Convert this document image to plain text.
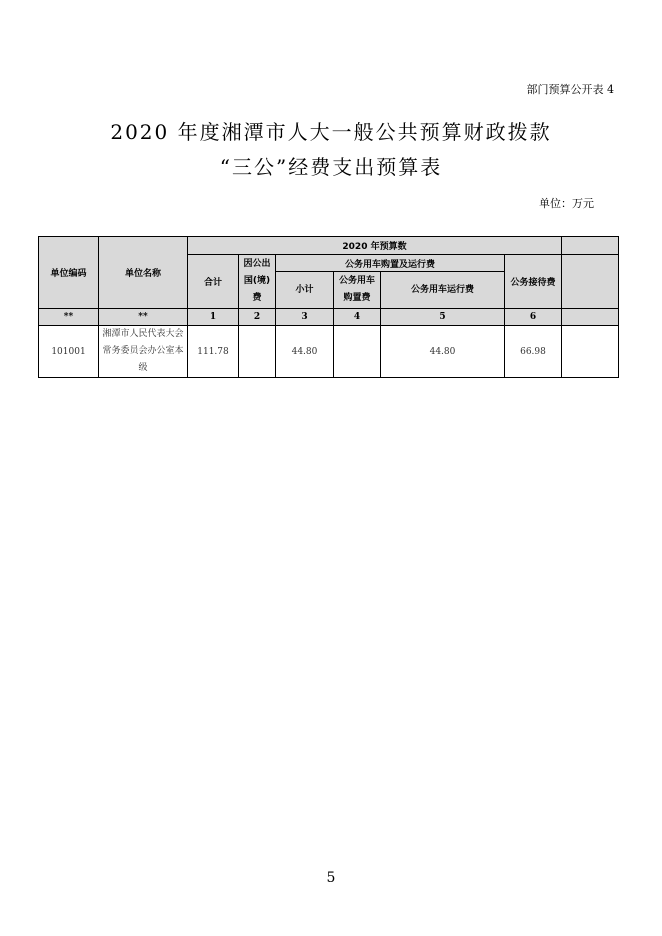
部门预算公开表 4
2020 年度湘潭市人大一般公共预算财政拨款
“三公”经费支出预算表
单位：万元
单位编码	单位名称	2020 年预算数						
		合计	因公出国(境)费	公务用车购置及运行费			公务接待费	
				小计	公务用车购置费	公务用车运行费		
**	**	1	2	3	4	5	6	
101001	湘潭市人民代表大会常务委员会办公室本级	111.78		44.80		44.80	66.98	
5
